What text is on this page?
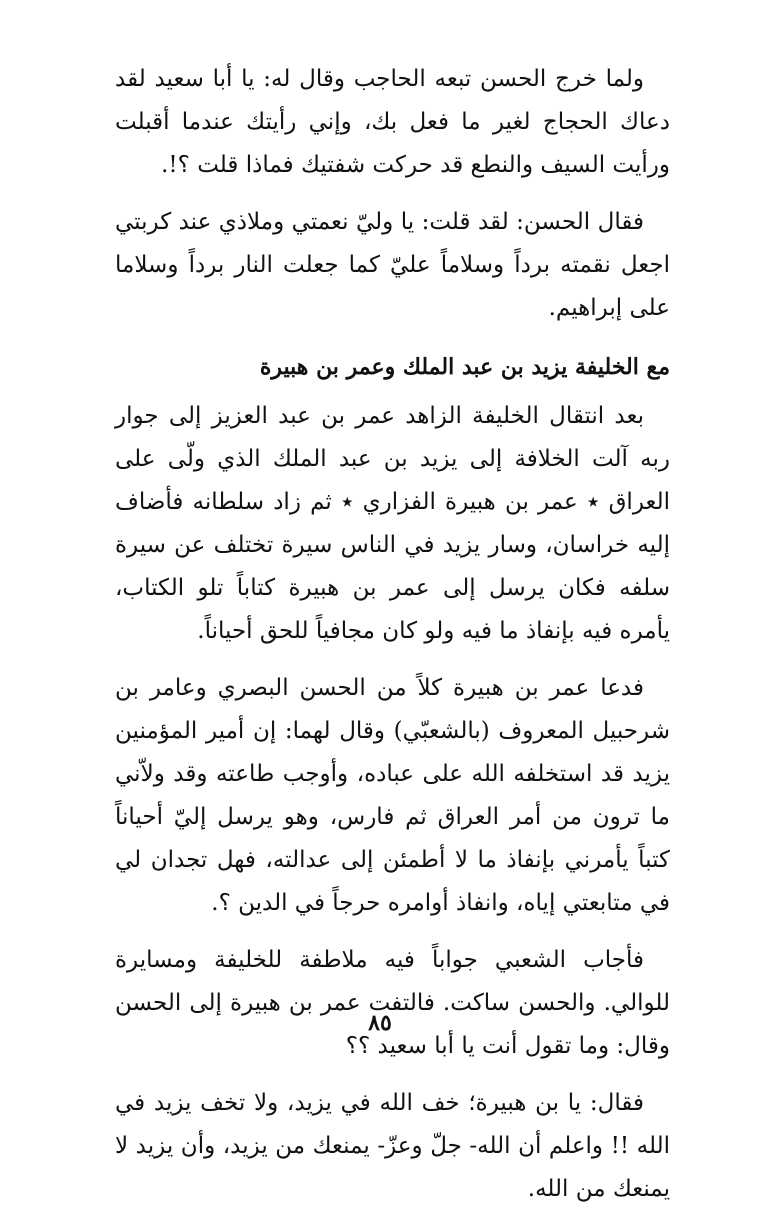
ولما خرج الحسن تبعه الحاجب وقال له: يا أبا سعيد لقد دعاك الحجاج لغير ما فعل بك، وإني رأيتك عندما أقبلت ورأيت السيف والنطع قد حركت شفتيك فماذا قلت ؟!.

فقال الحسن: لقد قلت: يا وليّ نعمتي وملاذي عند كربتي اجعل نقمته برداً وسلاماً عليّ كما جعلت النار برداً وسلاما على إبراهيم.

مع الخليفة يزيد بن عبد الملك وعمر بن هبيرة

بعد انتقال الخليفة الزاهد عمر بن عبد العزيز إلى جوار ربه آلت الخلافة إلى يزيد بن عبد الملك الذي ولّى على العراق ٭ عمر بن هبيرة الفزاري ٭ ثم زاد سلطانه فأضاف إليه خراسان، وسار يزيد في الناس سيرة تختلف عن سيرة سلفه فكان يرسل إلى عمر بن هبيرة كتاباً تلو الكتاب، يأمره فيه بإنفاذ ما فيه ولو كان مجافياً للحق أحياناً.

فدعا عمر بن هبيرة كلاً من الحسن البصري وعامر بن شرحبيل المعروف (بالشعبّي) وقال لهما: إن أمير المؤمنين يزيد قد استخلفه الله على عباده، وأوجب طاعته وقد ولاّني ما ترون من أمر العراق ثم فارس، وهو يرسل إليّ أحياناً كتباً يأمرني بإنفاذ ما لا أطمئن إلى عدالته، فهل تجدان لي في متابعتي إياه، وانفاذ أوامره حرجاً في الدين ؟.

فأجاب الشعبي جواباً فيه ملاطفة للخليفة ومسايرة للوالي. والحسن ساكت. فالتفت عمر بن هبيرة إلى الحسن وقال: وما تقول أنت يا أبا سعيد ؟؟

فقال: يا بن هبيرة؛ خف الله في يزيد، ولا تخف يزيد في الله !! واعلم أن الله- جلّ وعزّ- يمنعك من يزيد، وأن يزيد لا يمنعك من الله.

٨٥
